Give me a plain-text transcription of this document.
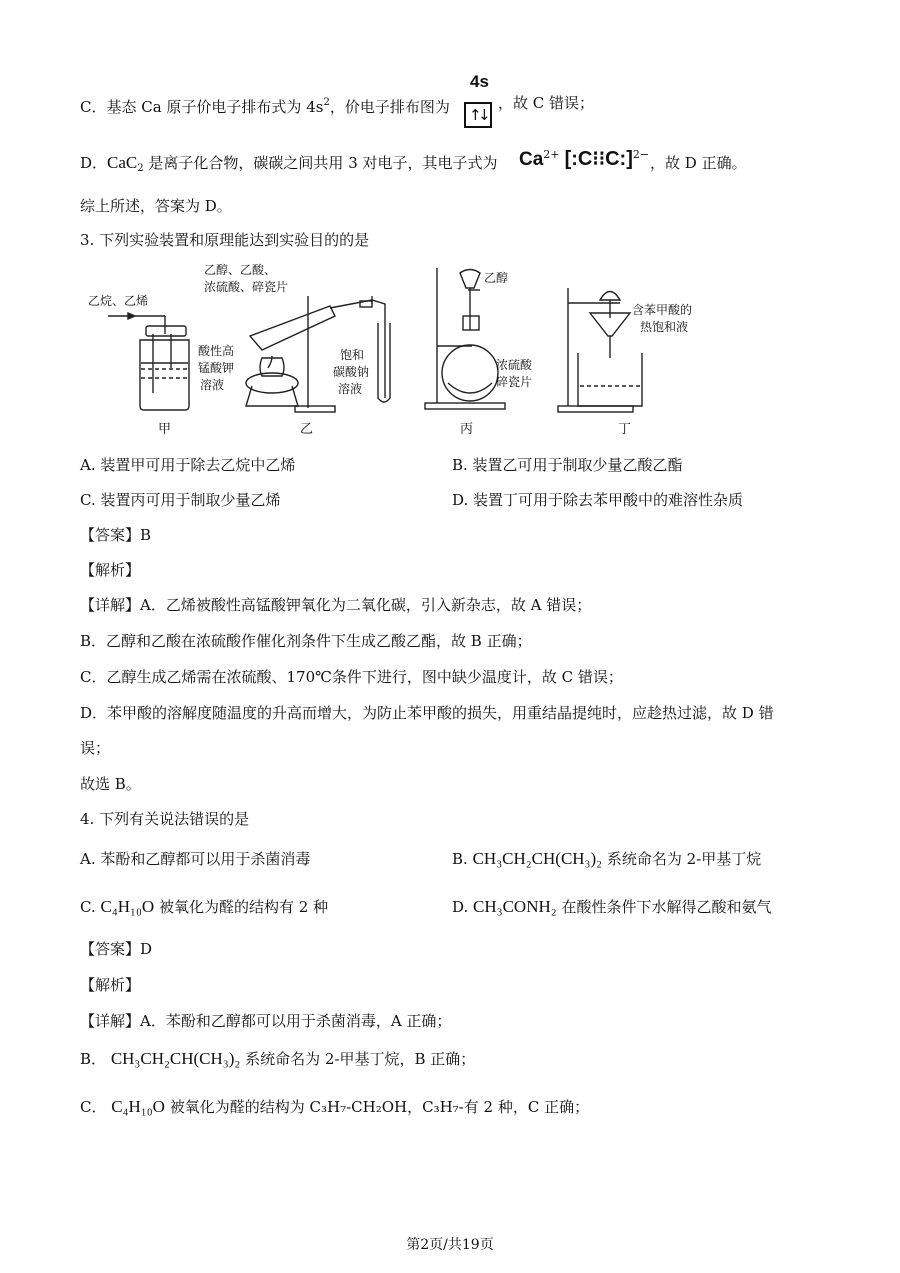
C．基态 Ca 原子价电子排布式为 $4s^2$，价电子排布图为
4s
↑
↓
，故 C 错误；
D．CaC$_2$ 是离子化合物，碳碳之间共用 3 对电子，其电子式为 $Ca^{2+}$ [:C⁝⁝C:]$^{2-}$ ，故 D 正确。
综上所述，答案为 D。
3. 下列实验装置和原理能达到实验目的的是
乙烷、乙烯
酸性高
锰酸钾
溶液
甲
乙醇、乙酸、
浓硫酸、碎瓷片
饱和
碳酸钠
溶液
乙
乙醇
浓硫酸
碎瓷片
丙
含苯甲酸的
热饱和液
丁
A. 装置甲可用于除去乙烷中乙烯	B. 装置乙可用于制取少量乙酸乙酯
C. 装置丙可用于制取少量乙烯	D. 装置丁可用于除去苯甲酸中的难溶性杂质
【答案】B
【解析】
【详解】A．乙烯被酸性高锰酸钾氧化为二氧化碳，引入新杂志，故 A 错误；
B．乙醇和乙酸在浓硫酸作催化剂条件下生成乙酸乙酯，故 B 正确；
C．乙醇生成乙烯需在浓硫酸、170℃条件下进行，图中缺少温度计，故 C 错误；
D．苯甲酸的溶解度随温度的升高而增大，为防止苯甲酸的损失，用重结晶提纯时，应趁热过滤，故 D 错
误；
故选 B。
4. 下列有关说法错误的是
A. 苯酚和乙醇都可以用于杀菌消毒	B. CH₃CH₂CH(CH₃)₂ 系统命名为 2-甲基丁烷
C. C₄H₁₀O 被氧化为醛的结构有 2 种	D. CH₃CONH₂ 在酸性条件下水解得乙酸和氨气
【答案】D
【解析】
【详解】A．苯酚和乙醇都可以用于杀菌消毒，A 正确；
B． CH₃CH₂CH(CH₃)₂ 系统命名为 2-甲基丁烷，B 正确；
C． C₄H₁₀O 被氧化为醛的结构为 C₃H₇-CH₂OH，C₃H₇-有 2 种，C 正确；
第2页/共19页
